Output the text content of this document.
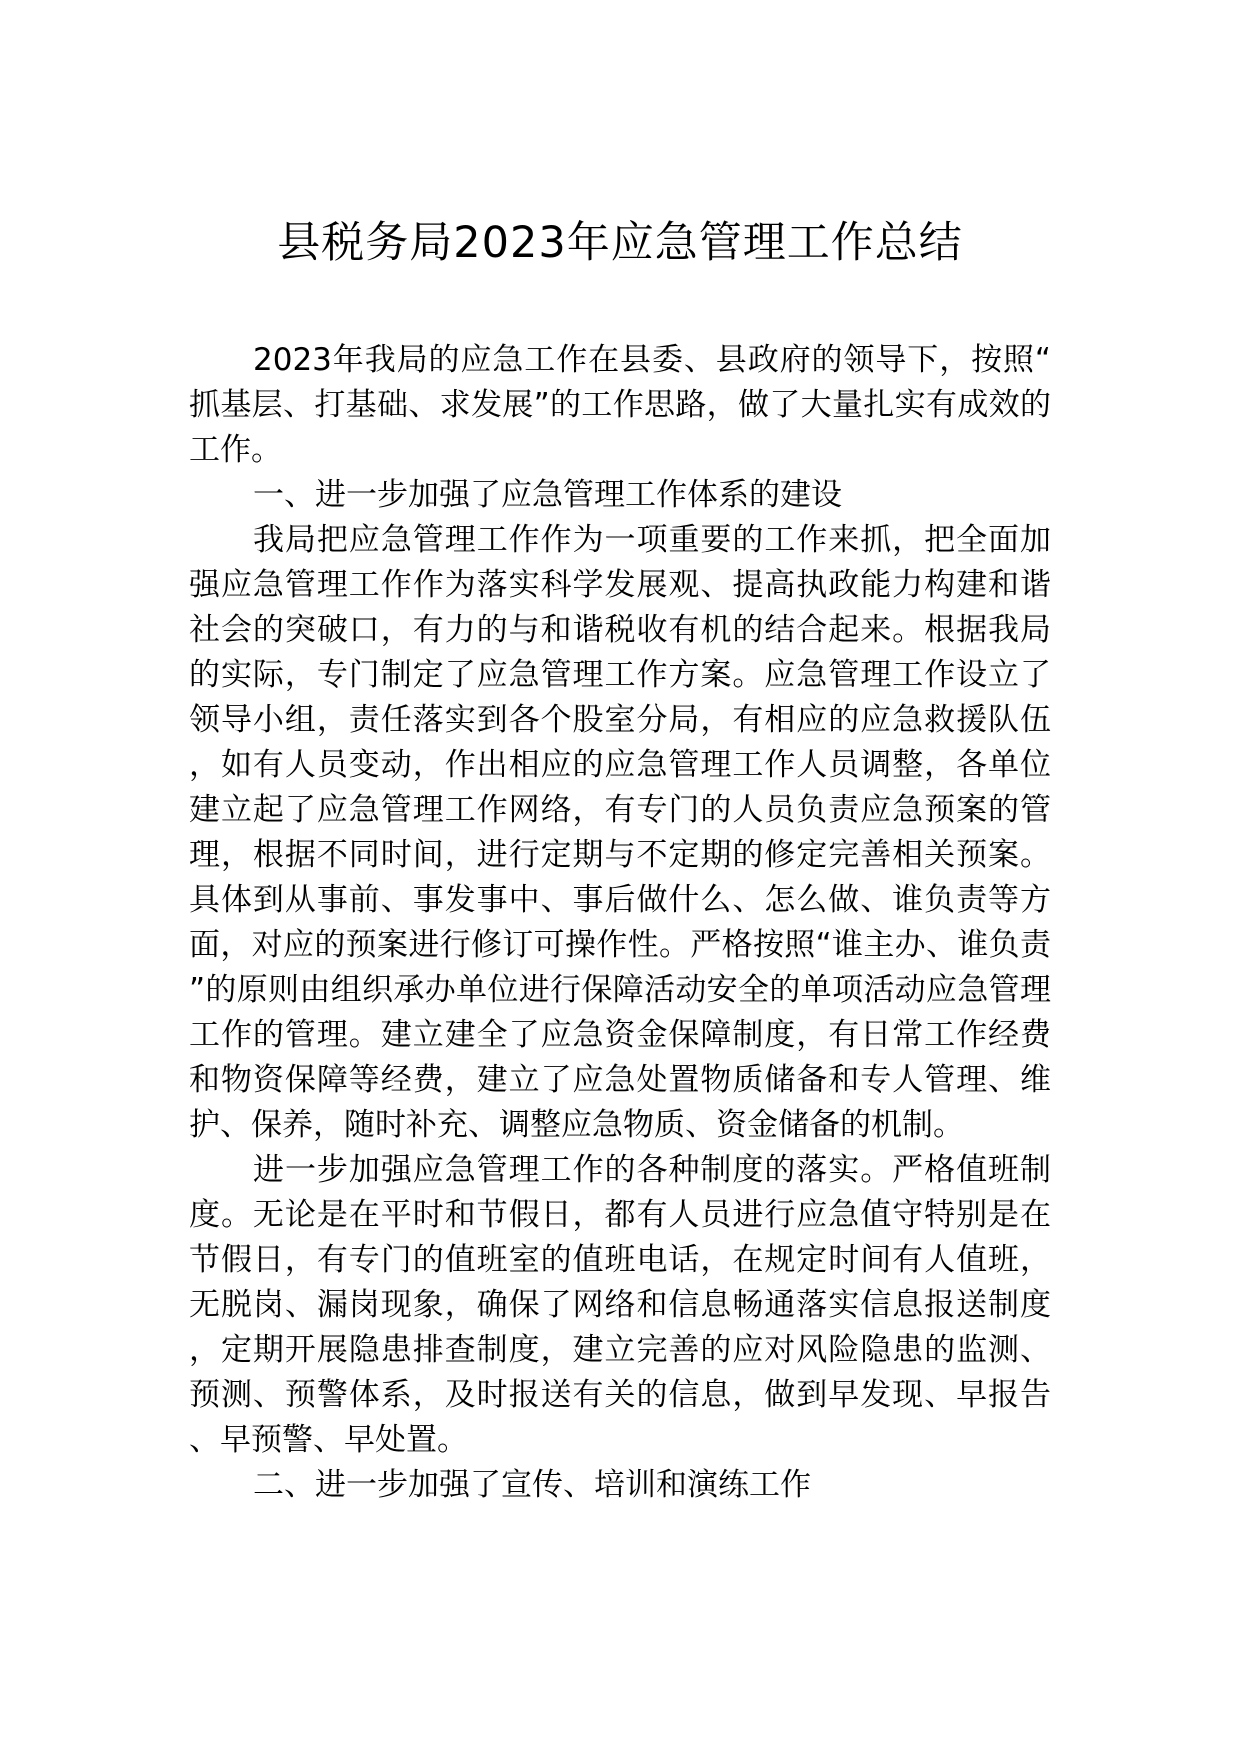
县税务局2023年应急管理工作总结

2023年我局的应急工作在县委、县政府的领导下，按照“抓基层、打基础、求发展”的工作思路，做了大量扎实有成效的工作。

一、进一步加强了应急管理工作体系的建设

我局把应急管理工作作为一项重要的工作来抓，把全面加强应急管理工作作为落实科学发展观、提高执政能力构建和谐社会的突破口，有力的与和谐税收有机的结合起来。根据我局的实际，专门制定了应急管理工作方案。应急管理工作设立了领导小组，责任落实到各个股室分局，有相应的应急救援队伍，如有人员变动，作出相应的应急管理工作人员调整，各单位建立起了应急管理工作网络，有专门的人员负责应急预案的管理，根据不同时间，进行定期与不定期的修定完善相关预案。具体到从事前、事发事中、事后做什么、怎么做、谁负责等方面，对应的预案进行修订可操作性。严格按照“谁主办、谁负责”的原则由组织承办单位进行保障活动安全的单项活动应急管理工作的管理。建立建全了应急资金保障制度，有日常工作经费和物资保障等经费，建立了应急处置物质储备和专人管理、维护、保养，随时补充、调整应急物质、资金储备的机制。

进一步加强应急管理工作的各种制度的落实。严格值班制度。无论是在平时和节假日，都有人员进行应急值守特别是在节假日，有专门的值班室的值班电话，在规定时间有人值班，无脱岗、漏岗现象，确保了网络和信息畅通落实信息报送制度，定期开展隐患排查制度，建立完善的应对风险隐患的监测、预测、预警体系，及时报送有关的信息，做到早发现、早报告、早预警、早处置。

二、进一步加强了宣传、培训和演练工作
